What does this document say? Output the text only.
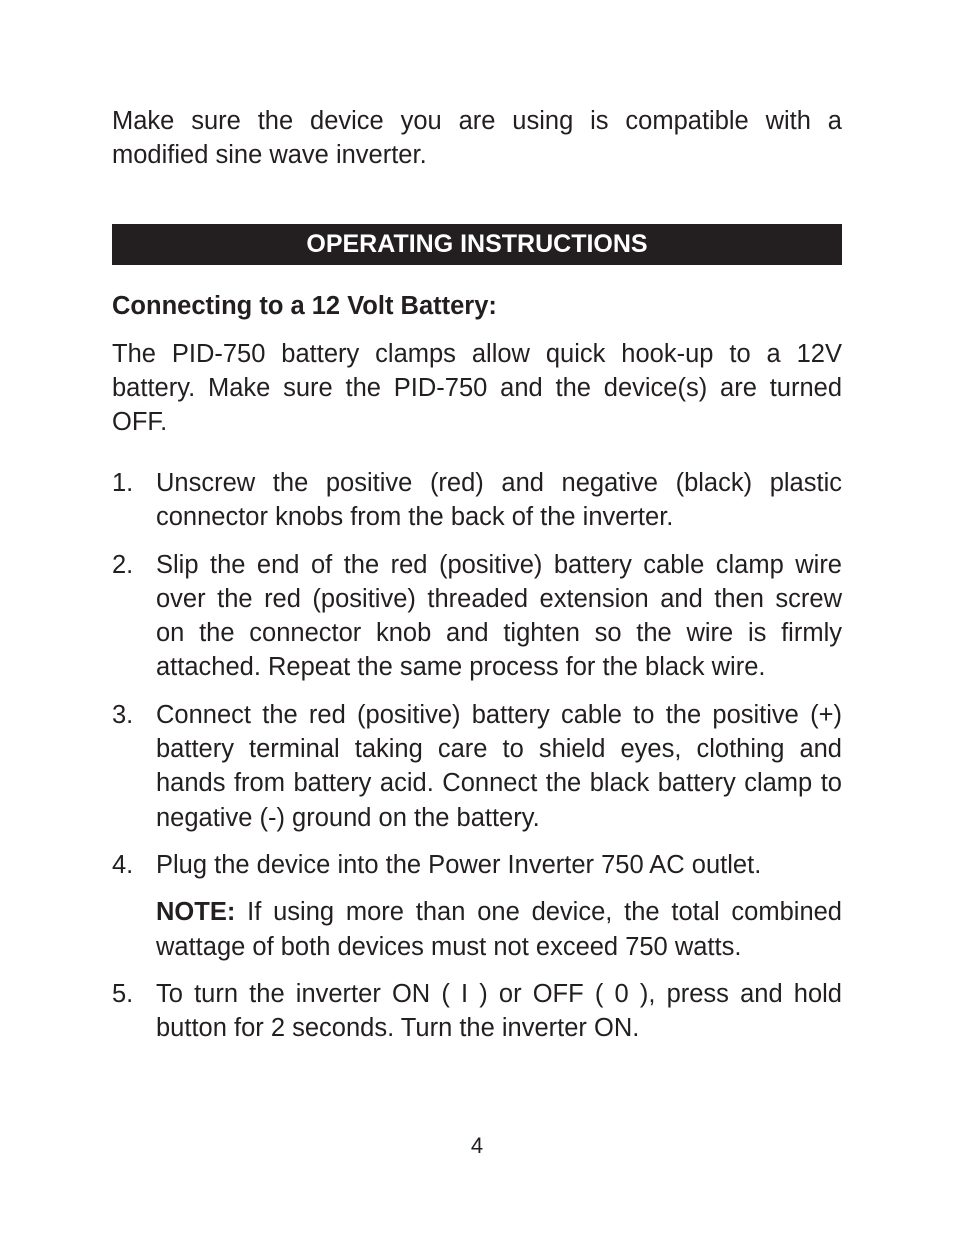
Make sure the device you are using is compatible with a modified sine wave inverter.

OPERATING INSTRUCTIONS
Connecting to a 12 Volt Battery:

The PID-750 battery clamps allow quick hook-up to a 12V battery. Make sure the PID-750 and the device(s) are turned OFF.

1. Unscrew the positive (red) and negative (black) plastic connector knobs from the back of the inverter.
2. Slip the end of the red (positive) battery cable clamp wire over the red (positive) threaded extension and then screw on the connector knob and tighten so the wire is firmly attached. Repeat the same process for the black wire.
3. Connect the red (positive) battery cable to the positive (+) battery terminal taking care to shield eyes, clothing and hands from battery acid. Connect the black battery clamp to negative (-) ground on the battery.
4. Plug the device into the Power Inverter 750 AC outlet.
NOTE: If using more than one device, the total combined wattage of both devices must not exceed 750 watts.
5. To turn the inverter ON ( I ) or OFF ( 0 ), press and hold button for 2 seconds. Turn the inverter ON.
4
